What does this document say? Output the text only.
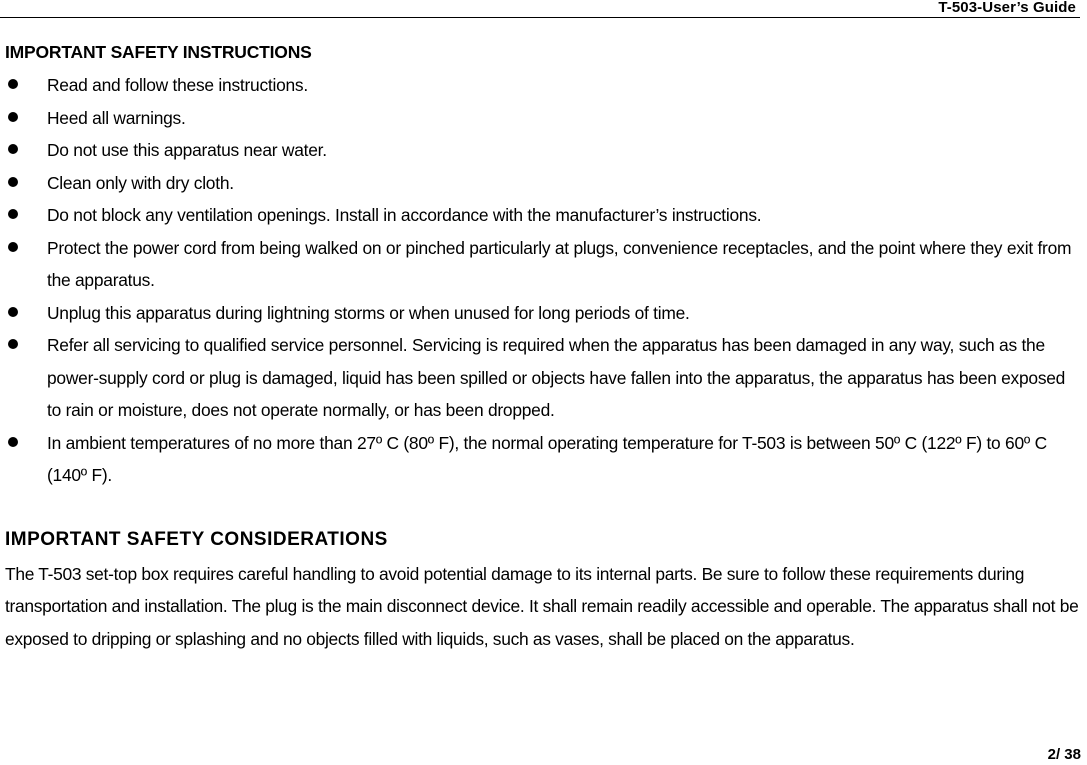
T-503-User’s Guide
IMPORTANT SAFETY INSTRUCTIONS
Read and follow these instructions.
Heed all warnings.
Do not use this apparatus near water.
Clean only with dry cloth.
Do not block any ventilation openings. Install in accordance with the manufacturer’s instructions.
Protect the power cord from being walked on or pinched particularly at plugs, convenience receptacles, and the point where they exit from the apparatus.
Unplug this apparatus during lightning storms or when unused for long periods of time.
Refer all servicing to qualified service personnel. Servicing is required when the apparatus has been damaged in any way, such as the power-supply cord or plug is damaged, liquid has been spilled or objects have fallen into the apparatus, the apparatus has been exposed to rain or moisture, does not operate normally, or has been dropped.
In ambient temperatures of no more than 27º C (80º F), the normal operating temperature for T-503 is between 50º C (122º F) to 60º C (140º F).
IMPORTANT SAFETY CONSIDERATIONS

The T-503 set-top box requires careful handling to avoid potential damage to its internal parts. Be sure to follow these requirements during transportation and installation. The plug is the main disconnect device. It shall remain readily accessible and operable. The apparatus shall not be exposed to dripping or splashing and no objects filled with liquids, such as vases, shall be placed on the apparatus.

2/ 38
